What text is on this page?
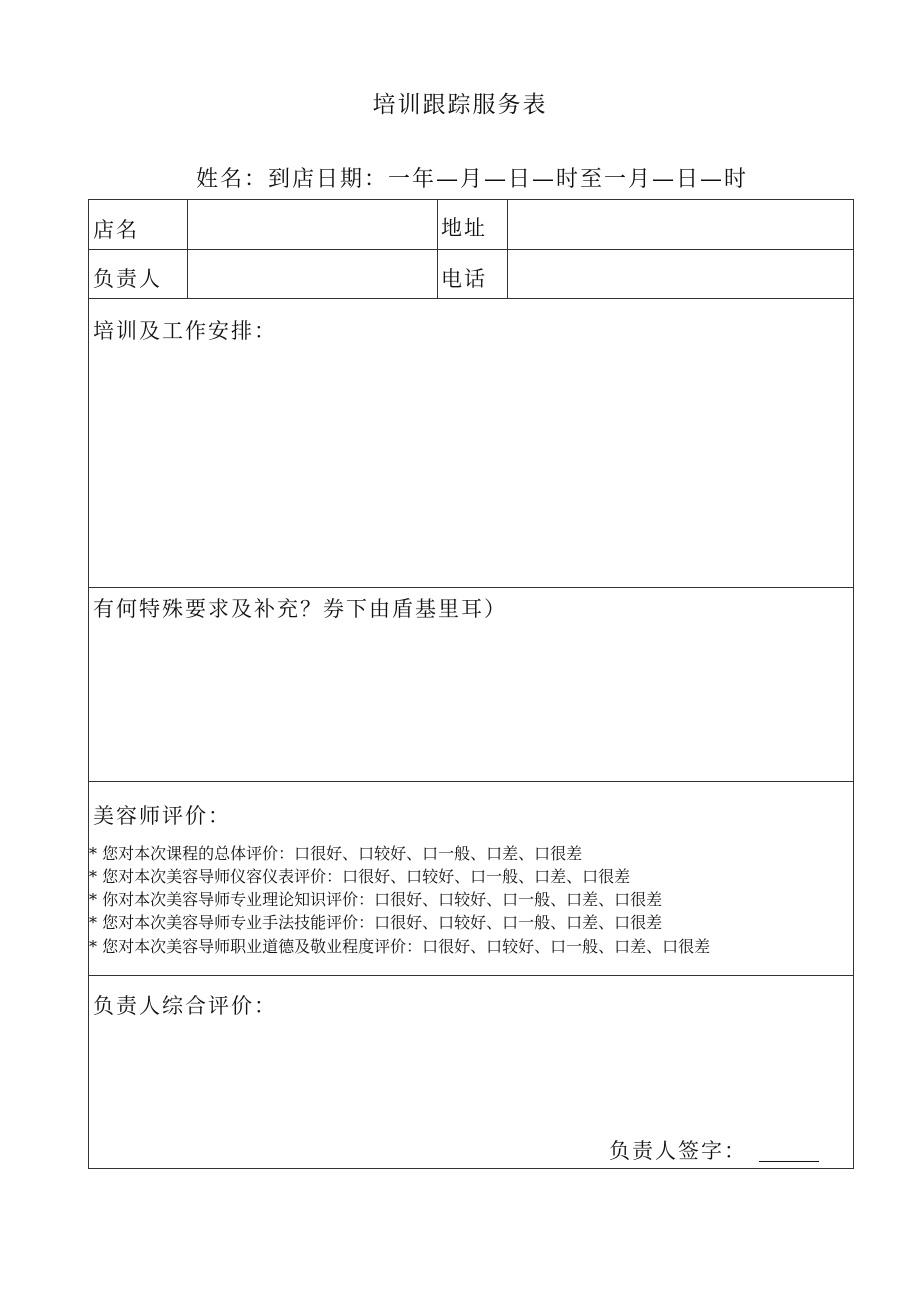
培训跟踪服务表
姓名：到店日期：一年—月—日—时至一月—日—时
店名	地址
负责人	电话
培训及工作安排：
有何特殊要求及补充？券下由盾基里耳）
美容师评价：
* 您对本次课程的总体评价：口很好、口较好、口一般、口差、口很差
* 您对本次美容导师仪容仪表评价：口很好、口较好、口一般、口差、口很差
* 你对本次美容导师专业理论知识评价：口很好、口较好、口一般、口差、口很差
* 您对本次美容导师专业手法技能评价：口很好、口较好、口一般、口差、口很差
* 您对本次美容导师职业道德及敬业程度评价：口很好、口较好、口一般、口差、口很差
负责人综合评价：
负责人签字：
